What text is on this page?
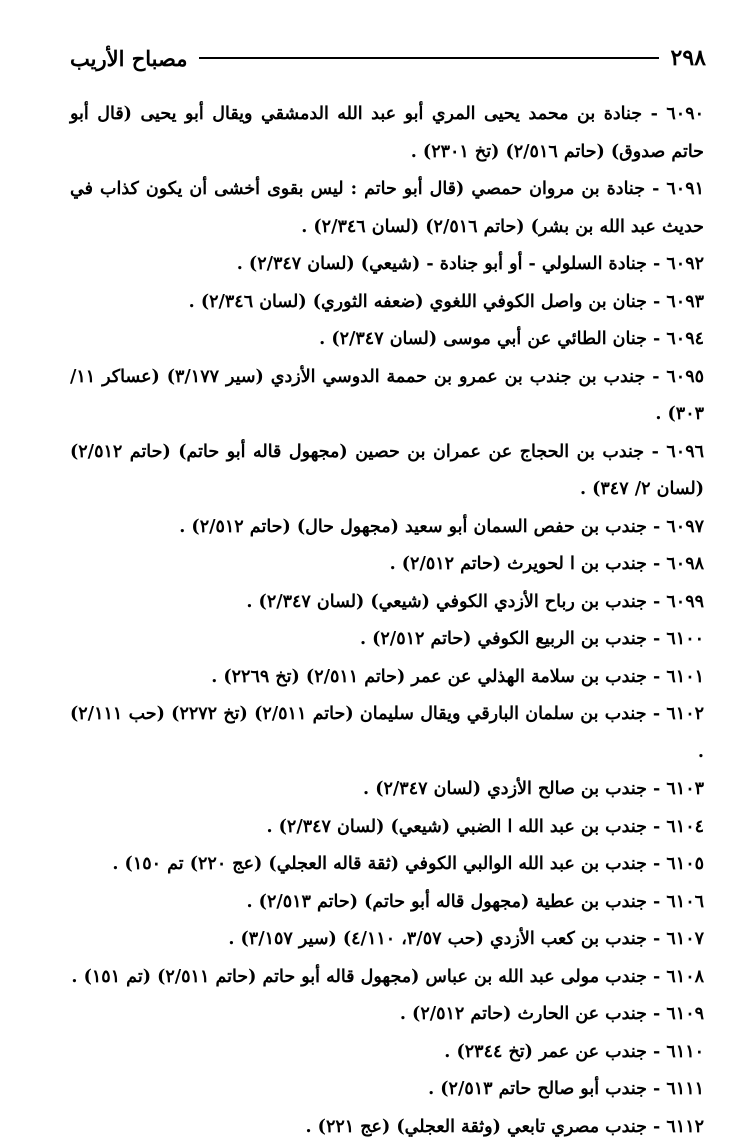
٢٩٨
مصباح الأريب

٦٠٩٠ - جنادة بن محمد يحيى المري أبو عبد الله الدمشقي ويقال أبو يحيى (قال أبو حاتم صدوق) (حاتم ٢/٥١٦) (تخ ٢٣٠١) .

٦٠٩١ - جنادة بن مروان حمصي (قال أبو حاتم : ليس بقوى أخشى أن يكون كذاب في حديث عبد الله بن بشر) (حاتم ٢/٥١٦) (لسان ٢/٣٤٦) .

٦٠٩٢ - جنادة السلولي - أو أبو جنادة - (شيعي) (لسان ٢/٣٤٧) .

٦٠٩٣ - جنان بن واصل الكوفي اللغوي (ضعفه الثوري) (لسان ٢/٣٤٦) .

٦٠٩٤ - جنان الطائي عن أبي موسى (لسان ٢/٣٤٧) .

٦٠٩٥ - جندب بن جندب بن عمرو بن حممة الدوسي الأزدي (سير ٣/١٧٧) (عساكر ١١/ ٣٠٣) .

٦٠٩٦ - جندب بن الحجاج عن عمران بن حصين (مجهول قاله أبو حاتم) (حاتم ٢/٥١٢) (لسان ٢/ ٣٤٧) .

٦٠٩٧ - جندب بن حفص السمان أبو سعيد (مجهول حال) (حاتم ٢/٥١٢) .

٦٠٩٨ - جندب بن ا لحويرث (حاتم ٢/٥١٢) .

٦٠٩٩ - جندب بن رباح الأزدي الكوفي (شيعي) (لسان ٢/٣٤٧) .

٦١٠٠ - جندب بن الربيع الكوفي (حاتم ٢/٥١٢) .

٦١٠١ - جندب بن سلامة الهذلي عن عمر (حاتم ٢/٥١١) (تخ ٢٢٦٩) .

٦١٠٢ - جندب بن سلمان البارقي ويقال سليمان (حاتم ٢/٥١١) (تخ ٢٢٧٢) (حب ٢/١١١) .

٦١٠٣ - جندب بن صالح الأزدي (لسان ٢/٣٤٧) .

٦١٠٤ - جندب بن عبد الله ا الضبي (شيعي) (لسان ٢/٣٤٧) .

٦١٠٥ - جندب بن عبد الله الوالبي الكوفي (ثقة قاله العجلي) (عج ٢٢٠) تم ١٥٠) .

٦١٠٦ - جندب بن عطية (مجهول قاله أبو حاتم) (حاتم ٢/٥١٣) .

٦١٠٧ - جندب بن كعب الأزدي (حب ٣/٥٧، ٤/١١٠) (سير ٣/١٥٧) .

٦١٠٨ - جندب مولى عبد الله بن عباس (مجهول قاله أبو حاتم (حاتم ٢/٥١١) (تم ١٥١) .

٦١٠٩ - جندب عن الحارث (حاتم ٢/٥١٢) .

٦١١٠ - جندب عن عمر (تخ ٢٣٤٤) .

٦١١١ - جندب أبو صالح حاتم ٢/٥١٣) .

٦١١٢ - جندب مصري تابعي (وثقة العجلي) (عج ٢٢١) .
